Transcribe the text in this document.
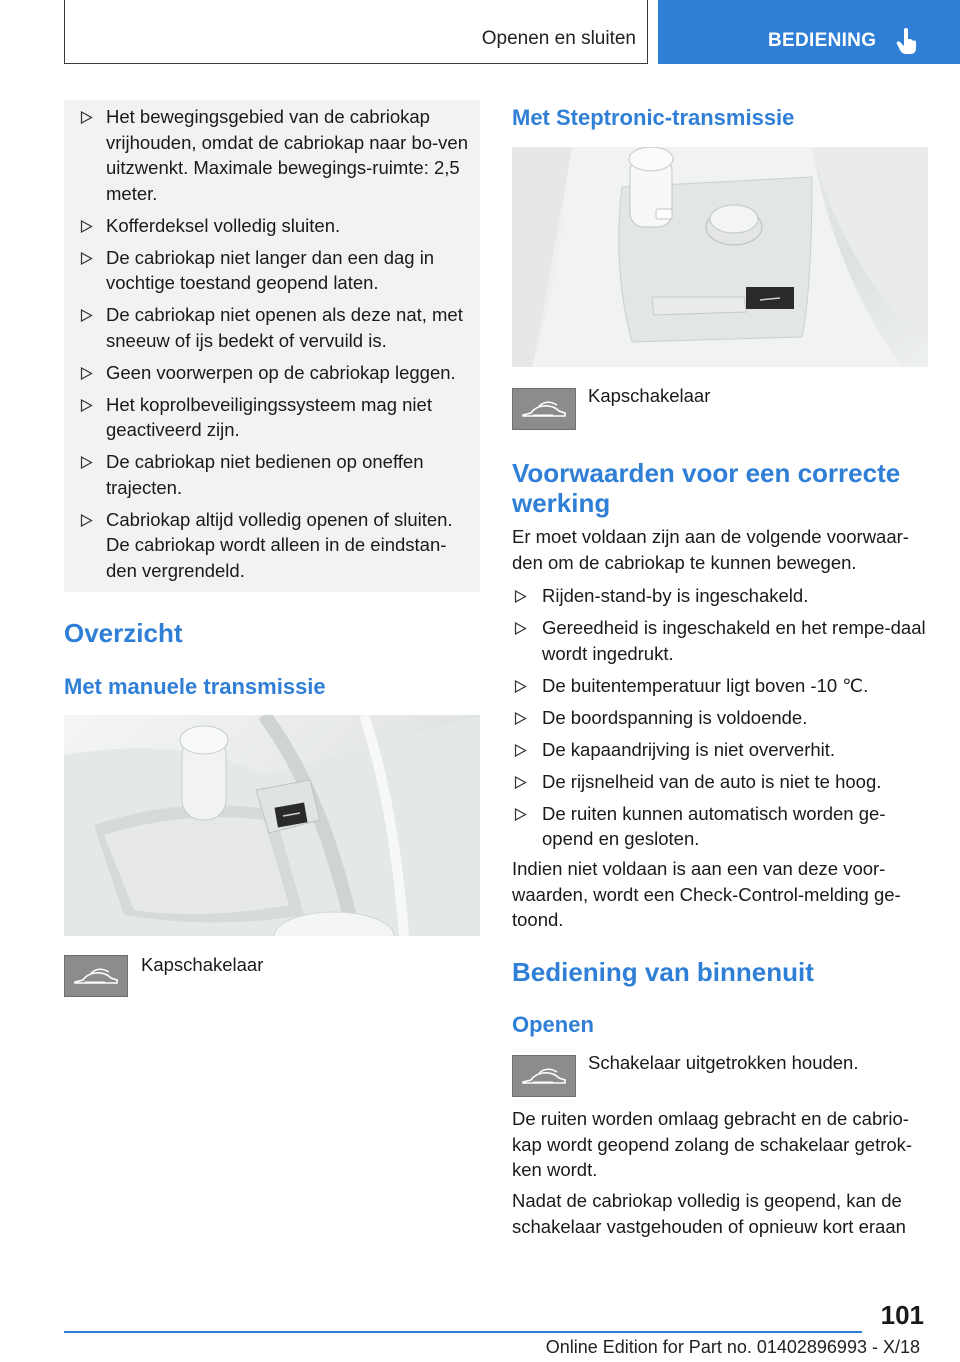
Openen en sluiten	BEDIENING
Het bewegingsgebied van de cabriokap vrijhouden, omdat de cabriokap naar bo-ven uitzwenkt. Maximale bewegings-ruimte: 2,5 meter.
Kofferdeksel volledig sluiten.
De cabriokap niet langer dan een dag in vochtige toestand geopend laten.
De cabriokap niet openen als deze nat, met sneeuw of ijs bedekt of vervuild is.
Geen voorwerpen op de cabriokap leggen.
Het koprolbeveiligingssysteem mag niet geactiveerd zijn.
De cabriokap niet bedienen op oneffen trajecten.
Cabriokap altijd volledig openen of sluiten. De cabriokap wordt alleen in de eindstan-den vergrendeld.
Overzicht
Met manuele transmissie
Kapschakelaar
Met Steptronic-transmissie
Kapschakelaar
Voorwaarden voor een correcte werking
Er moet voldaan zijn aan de volgende voorwaar-den om de cabriokap te kunnen bewegen.
Rijden-stand-by is ingeschakeld.
Gereedheid is ingeschakeld en het rempe-daal wordt ingedrukt.
De buitentemperatuur ligt boven -10 ℃.
De boordspanning is voldoende.
De kapaandrijving is niet oververhit.
De rijsnelheid van de auto is niet te hoog.
De ruiten kunnen automatisch worden ge-opend en gesloten.
Indien niet voldaan is aan een van deze voor-waarden, wordt een Check-Control-melding ge-toond.
Bediening van binnenuit
Openen
Schakelaar uitgetrokken houden.
De ruiten worden omlaag gebracht en de cabrio-kap wordt geopend zolang de schakelaar getrok-ken wordt.
Nadat de cabriokap volledig is geopend, kan de schakelaar vastgehouden of opnieuw kort eraan
101
Online Edition for Part no. 01402896993 - X/18
